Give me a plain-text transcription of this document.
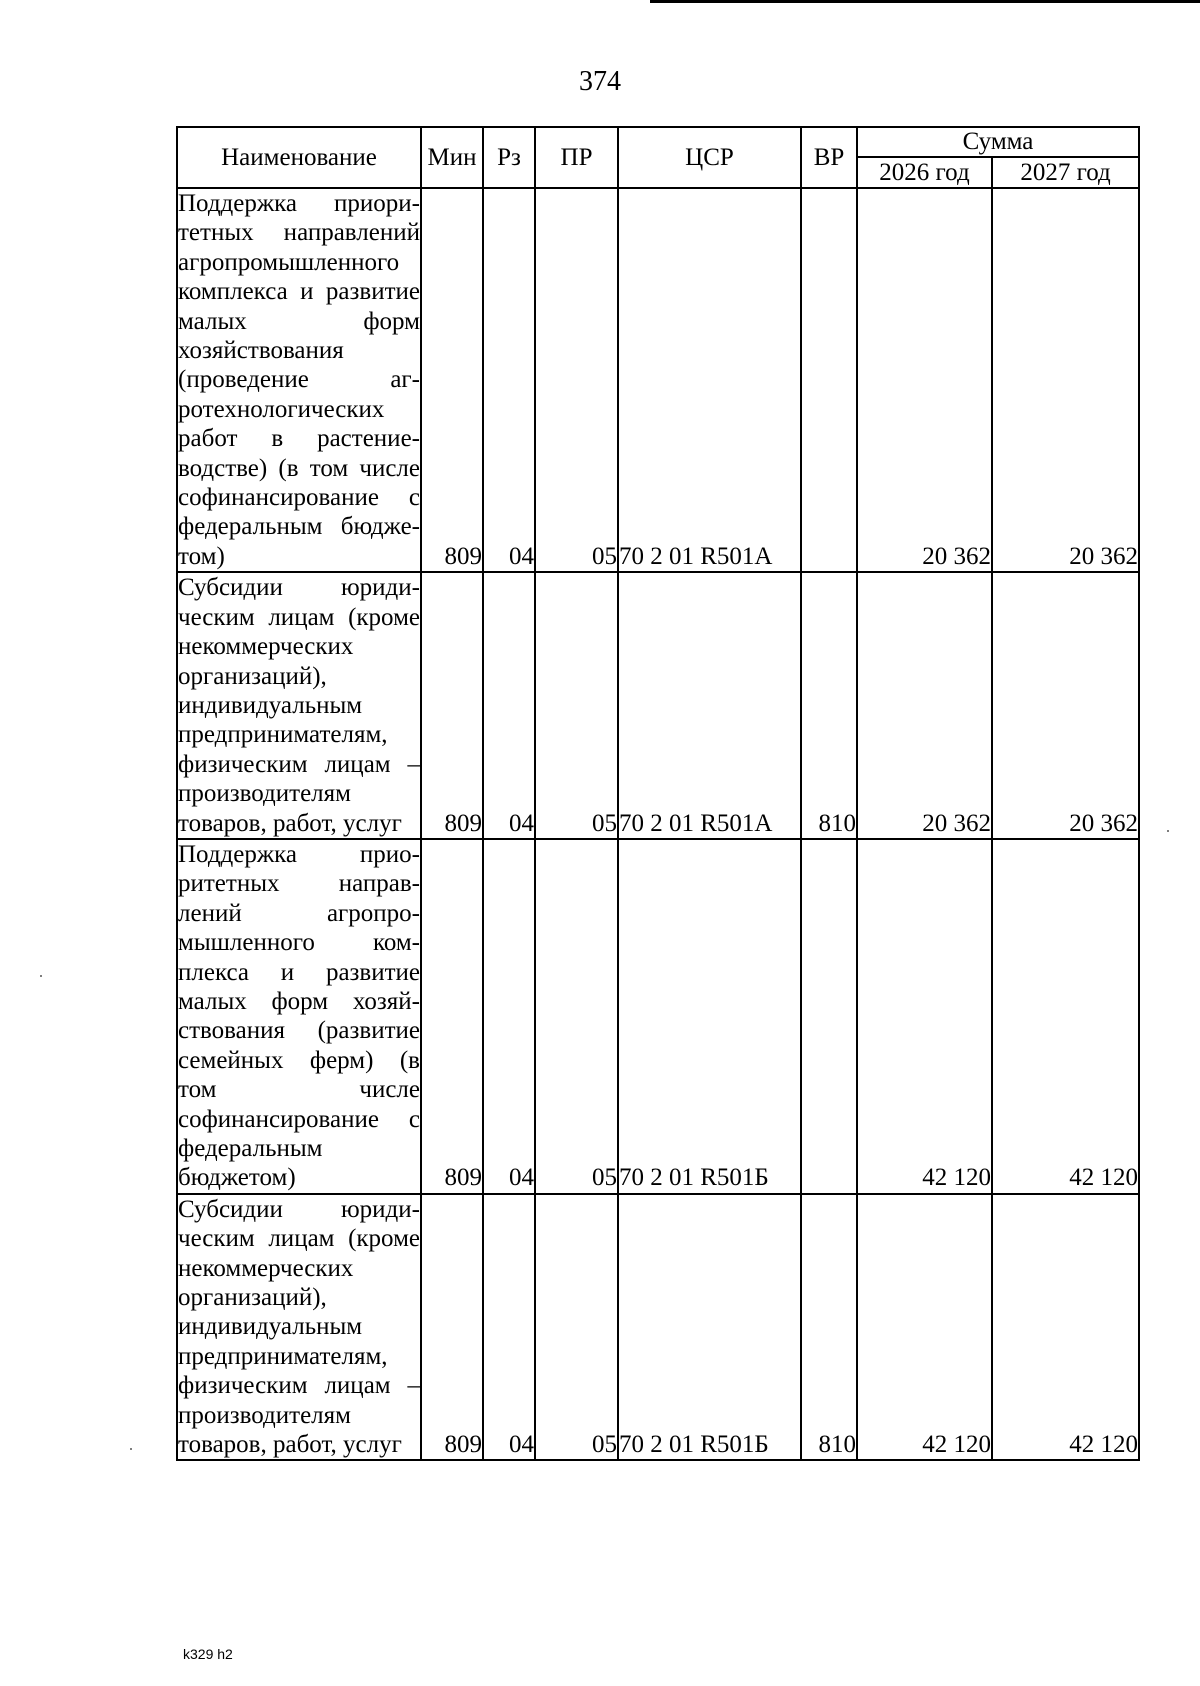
374
Наименование	Мин	Рз	ПР	ЦСР	ВР	Сумма	
						2026 год	2027 год
Поддержка приоритетных направлений агропромышленного комплекса и развитие малых форм хозяйствования (проведение агротехнологических работ в растениеводстве) (в том числе софинансирование с федеральным бюджетом)	809	04	05	70 2 01 R501A		20 362	20 362
Субсидии юридическим лицам (кроме некоммерческих организаций), индивидуальным предпринимателям, физическим лицам – производителям товаров, работ, услуг	809	04	05	70 2 01 R501A	810	20 362	20 362
Поддержка приоритетных направлений агропромышленного комплекса и развитие малых форм хозяйствования (развитие семейных ферм) (в том числе софинансирование с федеральным бюджетом)	809	04	05	70 2 01 R501Б		42 120	42 120
Субсидии юридическим лицам (кроме некоммерческих организаций), индивидуальным предпринимателям, физическим лицам – производителям товаров, работ, услуг	809	04	05	70 2 01 R501Б	810	42 120	42 120
k329 h2
